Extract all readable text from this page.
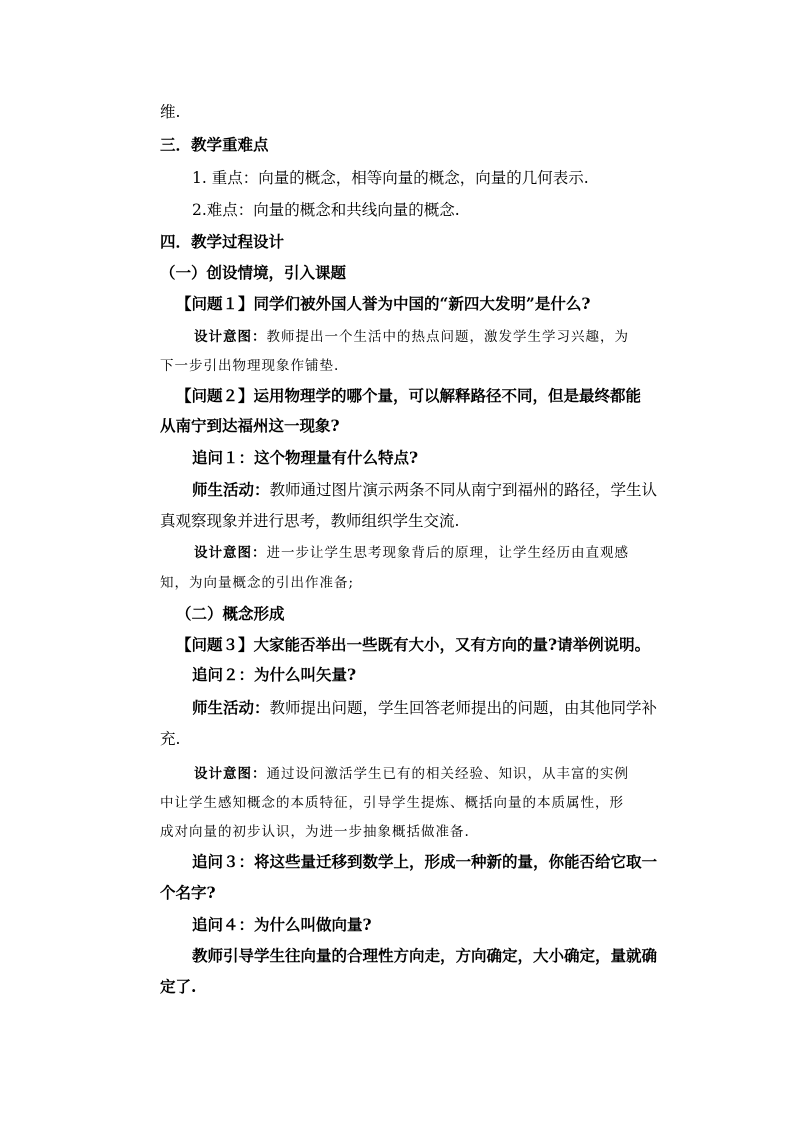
维.
三．教学重难点
1. 重点：向量的概念，相等向量的概念，向量的几何表示.
2.难点：向量的概念和共线向量的概念.
四．教学过程设计
（一）创设情境，引入课题
【问题１】同学们被外国人誉为中国的“新四大发明”是什么?
设计意图：教师提出一个生活中的热点问题，激发学生学习兴趣，为
下一步引出物理现象作铺垫.
【问题２】运用物理学的哪个量，可以解释路径不同，但是最终都能
从南宁到达福州这一现象?
追问１：这个物理量有什么特点?
师生活动：教师通过图片演示两条不同从南宁到福州的路径，学生认
真观察现象并进行思考，教师组织学生交流.
设计意图：进一步让学生思考现象背后的原理，让学生经历由直观感
知，为向量概念的引出作准备;
（二）概念形成
【问题３】大家能否举出一些既有大小，又有方向的量?请举例说明。
追问２：为什么叫矢量?
师生活动：教师提出问题，学生回答老师提出的问题，由其他同学补
充.
设计意图：通过设问激活学生已有的相关经验、知识，从丰富的实例
中让学生感知概念的本质特征，引导学生提炼、概括向量的本质属性，形
成对向量的初步认识，为进一步抽象概括做准备.
追问３：将这些量迁移到数学上，形成一种新的量，你能否给它取一
个名字?
追问４：为什么叫做向量?
教师引导学生往向量的合理性方向走，方向确定，大小确定，量就确
定了.
